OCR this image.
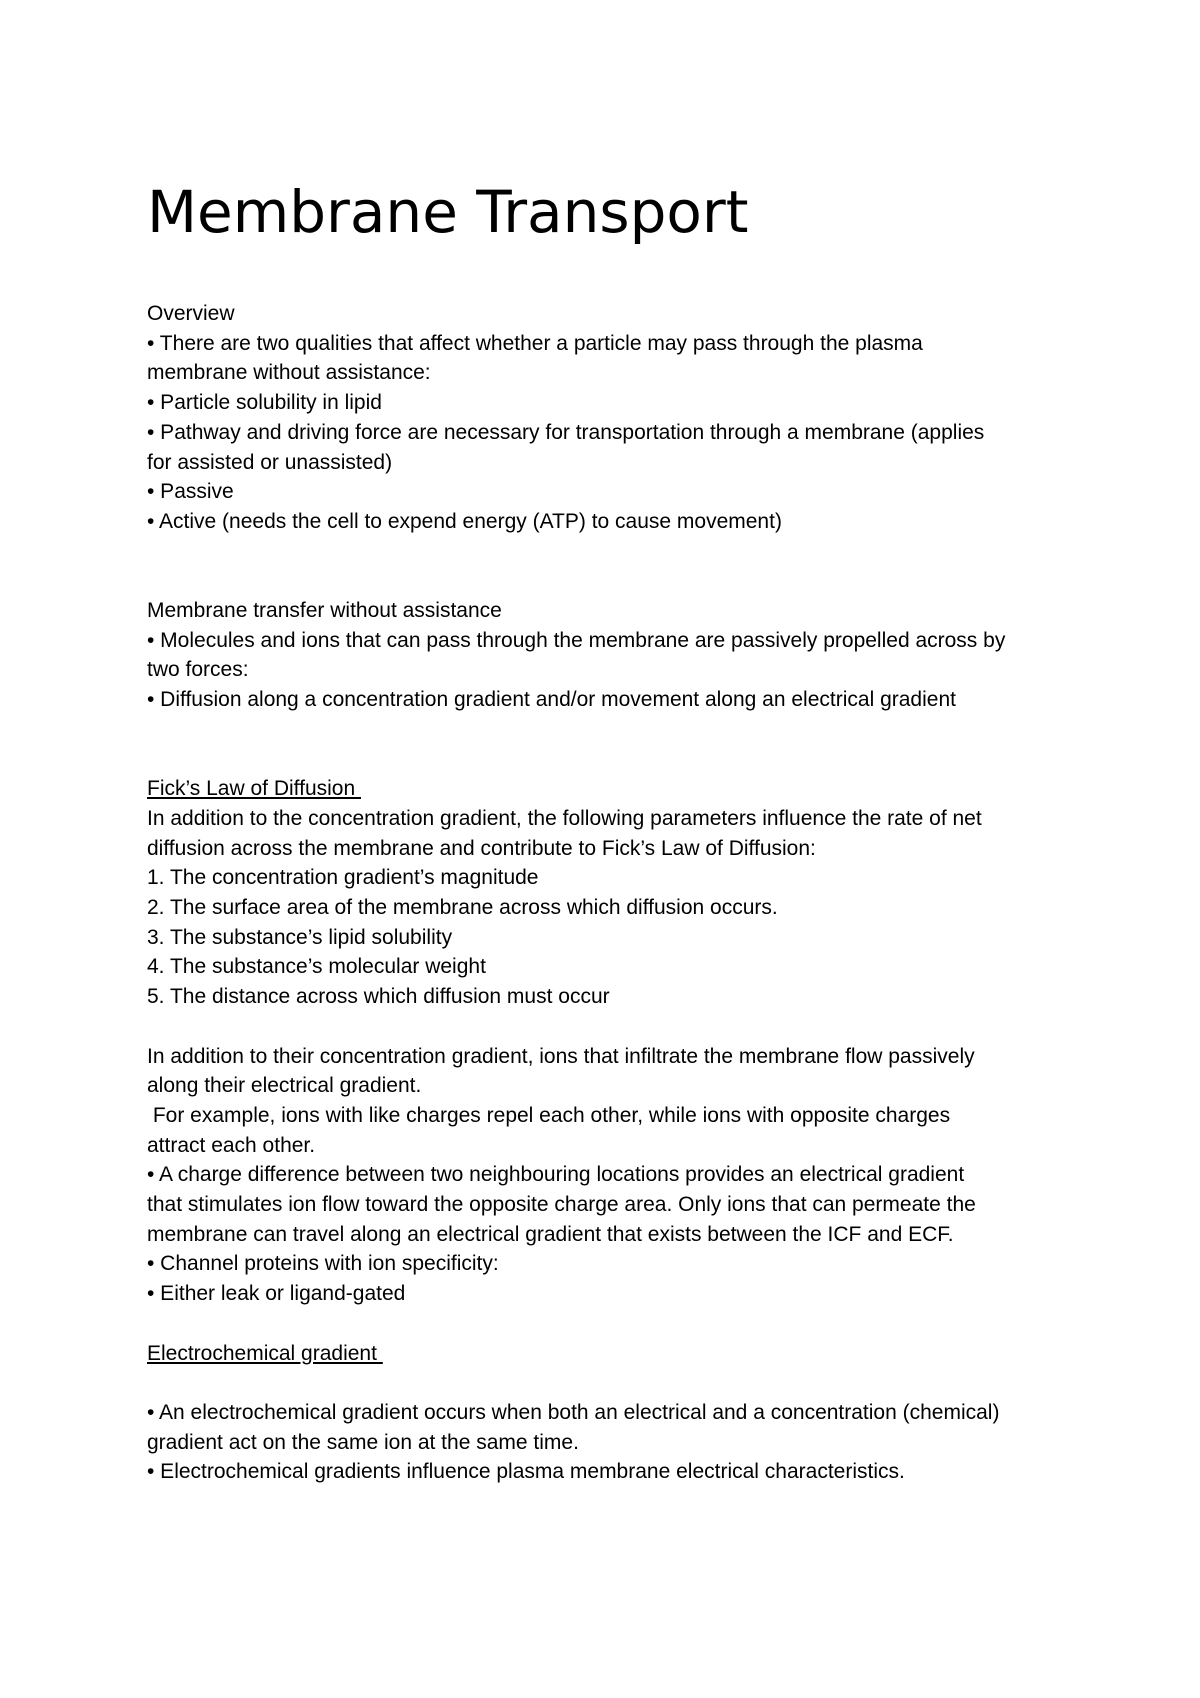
Membrane Transport
Overview
• There are two qualities that affect whether a particle may pass through the plasma
membrane without assistance:
• Particle solubility in lipid
• Pathway and driving force are necessary for transportation through a membrane (applies
for assisted or unassisted)
• Passive
• Active (needs the cell to expend energy (ATP) to cause movement)
Membrane transfer without assistance
• Molecules and ions that can pass through the membrane are passively propelled across by
two forces:
• Diffusion along a concentration gradient and/or movement along an electrical gradient
Fick’s Law of Diffusion
In addition to the concentration gradient, the following parameters influence the rate of net
diffusion across the membrane and contribute to Fick’s Law of Diffusion:
1. The concentration gradient’s magnitude
2. The surface area of the membrane across which diffusion occurs.
3. The substance’s lipid solubility
4. The substance’s molecular weight
5. The distance across which diffusion must occur
In addition to their concentration gradient, ions that infiltrate the membrane flow passively
along their electrical gradient.
For example, ions with like charges repel each other, while ions with opposite charges
attract each other.
• A charge difference between two neighbouring locations provides an electrical gradient
that stimulates ion flow toward the opposite charge area. Only ions that can permeate the
membrane can travel along an electrical gradient that exists between the ICF and ECF.
• Channel proteins with ion specificity:
• Either leak or ligand-gated
Electrochemical gradient
• An electrochemical gradient occurs when both an electrical and a concentration (chemical)
gradient act on the same ion at the same time.
• Electrochemical gradients influence plasma membrane electrical characteristics.
